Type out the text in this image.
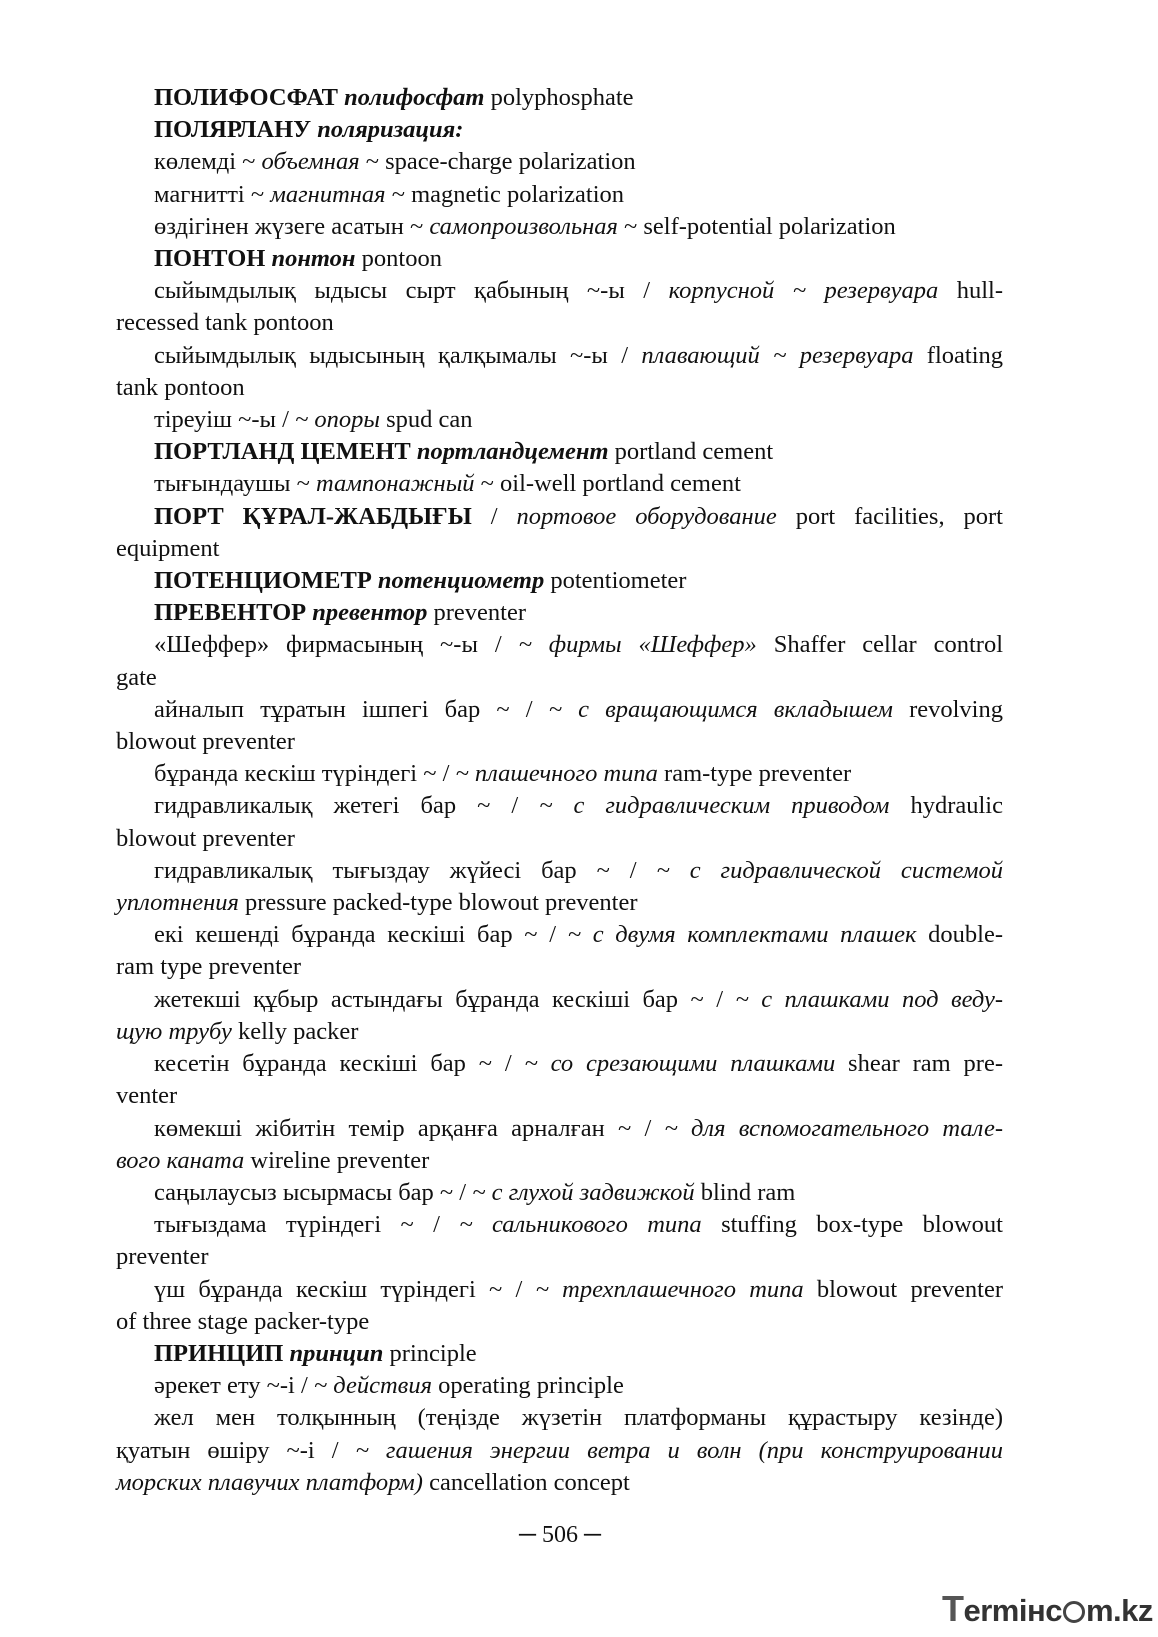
ПОЛИФОСФАТ полифосфат polyphosphate
ПОЛЯРЛАНУ поляризация:
көлемді ~ объемная ~ space-charge polarization
магнитті ~ магнитная ~ magnetic polarization
өздігінен жүзеге асатын ~ самопроизвольная ~ self-potential polarization
ПОНТОН понтон pontoon
сыйымдылық ыдысы сырт қабының ~-ы / корпусной ~ резервуара hull-
recessed tank pontoon
сыйымдылық ыдысының қалқымалы ~-ы / плавающий ~ резервуара floating
tank pontoon
тіреуіш ~-ы / ~ опоры spud can
ПОРТЛАНД ЦЕМЕНТ портландцемент portland cement
тығындаушы ~ тампонажный ~ oil-well portland cement
ПОРТ ҚҰРАЛ-ЖАБДЫҒЫ / портовое оборудование port facilities, port
equipment
ПОТЕНЦИОМЕТР потенциометр potentiometer
ПРЕВЕНТОР превентор preventer
«Шеффер» фирмасының ~-ы / ~ фирмы «Шеффер» Shaffer cellar control
gate
айналып тұратын ішпегі бар ~ / ~ с вращающимся вкладышем revolving
blowout preventer
бұранда кескіш түріндегі ~ / ~ плашечного типа ram-type preventer
гидравликалық жетегі бар ~ / ~ с гидравлическим приводом hydraulic
blowout preventer
гидравликалық тығыздау жүйесі бар ~ / ~ с гидравлической системой
уплотнения pressure packed-type blowout preventer
екі кешенді бұранда кескіші бар ~ / ~ с двумя комплектами плашек double-
ram type preventer
жетекші құбыр астындағы бұранда кескіші бар ~ / ~ с плашками под веду-
щую трубу kelly packer
кесетін бұранда кескіші бар ~ / ~ со срезающими плашками shear ram pre-
venter
көмекші жібитін темір арқанға арналған ~ / ~ для вспомогательного тале-
вого каната wireline preventer
саңылаусыз ысырмасы бар ~ / ~ с глухой задвижкой blind ram
тығыздама түріндегі ~ / ~ сальникового типа stuffing box-type blowout
preventer
үш бұранда кескіш түріндегі ~ / ~ трехплашечного типа blowout preventer
of three stage packer-type
ПРИНЦИП принцип principle
әрекет ету ~-і / ~ действия operating principle
жел мен толқынның (теңізде жүзетін платформаны құрастыру кезінде)
қуатын өшіру ~-і / ~ гашения энергии ветра и волн (при конструировании
морских плавучих платформ) cancellation concept
─ 506 ─
Termінc m.kz
